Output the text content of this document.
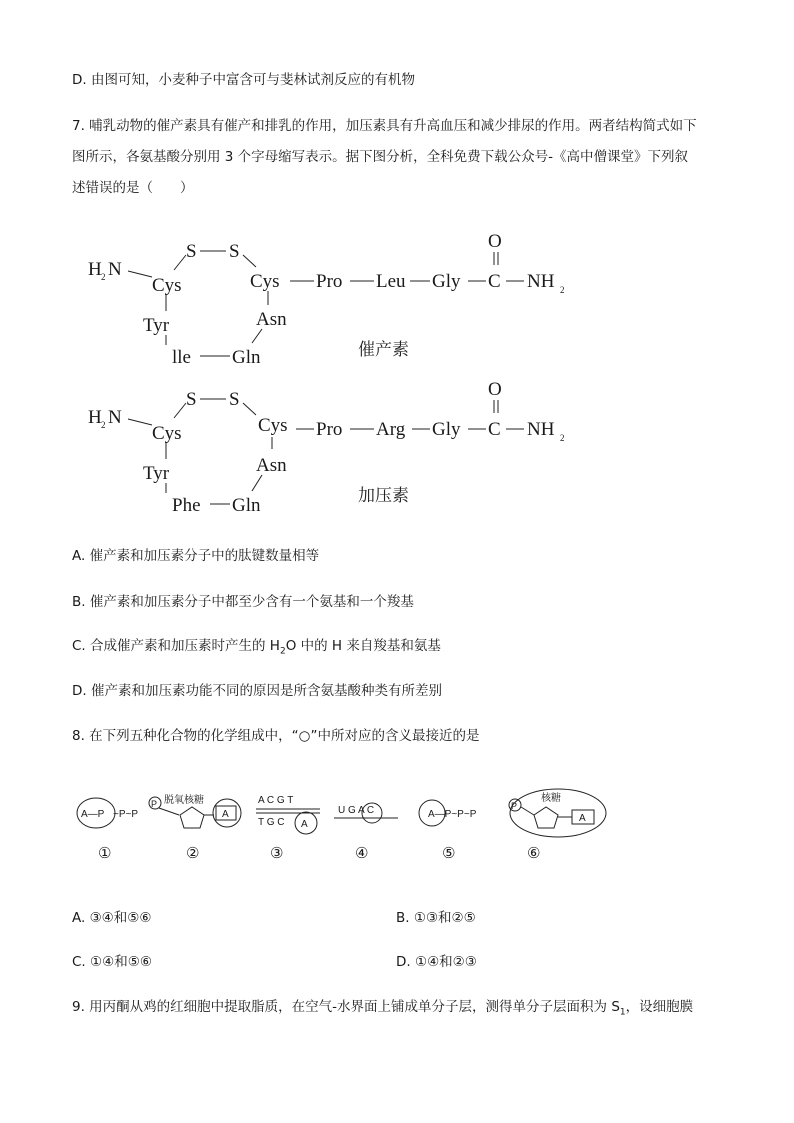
D. 由图可知，小麦种子中富含可与斐林试剂反应的有机物
7. 哺乳动物的催产素具有催产和排乳的作用，加压素具有升高血压和减少排尿的作用。两者结构简式如下
图所示，各氨基酸分别用 3 个字母缩写表示。据下图分析，全科免费下载公众号-《高中僧课堂》下列叙
述错误的是（　　）
H 2 N
S S
Cys	Cys
Tyr
lle Gln
Asn
Pro Leu Gly
O
C NH 2
催产素
H 2 N
S S
Cys	Cys
Tyr
Phe Gln
Asn
Pro Arg Gly
O
C NH 2
加压素
A. 催产素和加压素分子中的肽键数量相等
B. 催产素和加压素分子中都至少含有一个氨基和一个羧基
C. 合成催产素和加压素时产生的 $H_2O$ 中的 H 来自羧基和氨基
D. 催产素和加压素功能不同的原因是所含氨基酸种类有所差别
8. 在下列五种化合物的化学组成中，“○”中所对应的含义最接近的是
A—P ~P~P
①
P 脱氧核糖
A
②
A C G T
T G C A
③
U G A C
④
A—P~P~P
⑤
P
核糖
A
⑥
A. ③④和⑤⑥	B. ①③和②⑤
C. ①④和⑤⑥	D. ①④和②③
9. 用丙酮从鸡的红细胞中提取脂质，在空气-水界面上铺成单分子层，测得单分子层面积为 $S_1$，设细胞膜
